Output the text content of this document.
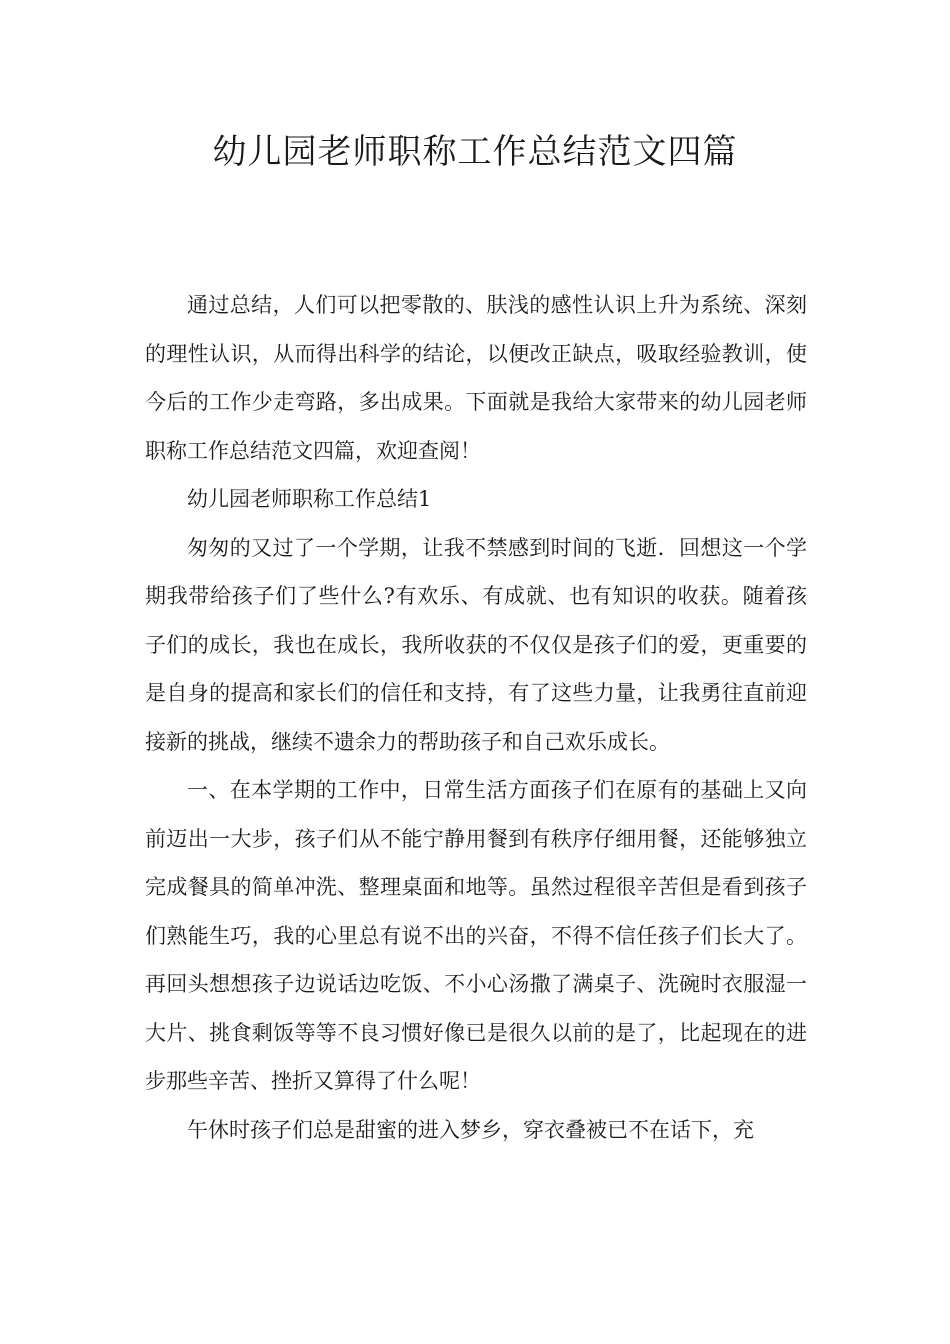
幼儿园老师职称工作总结范文四篇

通过总结，人们可以把零散的、肤浅的感性认识上升为系统、深刻的理性认识，从而得出科学的结论，以便改正缺点，吸取经验教训，使今后的工作少走弯路，多出成果。下面就是我给大家带来的幼儿园老师职称工作总结范文四篇，欢迎查阅！

幼儿园老师职称工作总结1

匆匆的又过了一个学期，让我不禁感到时间的飞逝．回想这一个学期我带给孩子们了些什么?有欢乐、有成就、也有知识的收获。随着孩子们的成长，我也在成长，我所收获的不仅仅是孩子们的爱，更重要的是自身的提高和家长们的信任和支持，有了这些力量，让我勇往直前迎接新的挑战，继续不遗余力的帮助孩子和自己欢乐成长。

一、在本学期的工作中，日常生活方面孩子们在原有的基础上又向前迈出一大步，孩子们从不能宁静用餐到有秩序仔细用餐，还能够独立完成餐具的简单冲洗、整理桌面和地等。虽然过程很辛苦但是看到孩子们熟能生巧，我的心里总有说不出的兴奋，不得不信任孩子们长大了。再回头想想孩子边说话边吃饭、不小心汤撒了满桌子、洗碗时衣服湿一大片、挑食剩饭等等不良习惯好像已是很久以前的是了，比起现在的进步那些辛苦、挫折又算得了什么呢！

午休时孩子们总是甜蜜的进入梦乡，穿衣叠被已不在话下，充
